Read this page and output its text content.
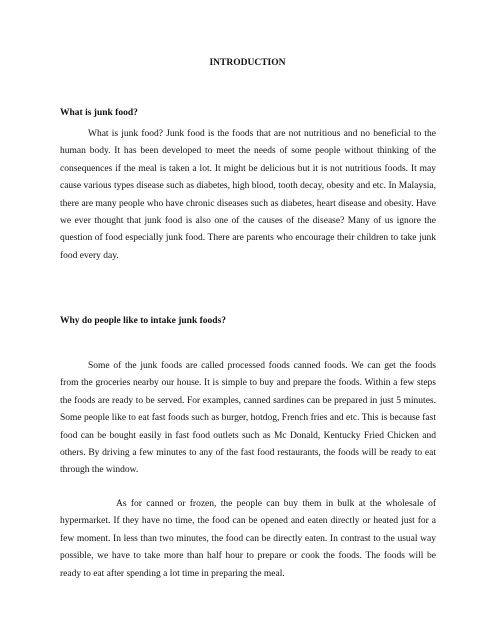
INTRODUCTION
What is junk food?

What is junk food? Junk food is the foods that are not nutritious and no beneficial to the human body. It has been developed to meet the needs of some people without thinking of the consequences if the meal is taken a lot. It might be delicious but it is not nutritious foods. It may cause various types disease such as diabetes, high blood, tooth decay, obesity and etc. In Malaysia, there are many people who have chronic diseases such as diabetes, heart disease and obesity. Have we ever thought that junk food is also one of the causes of the disease? Many of us ignore the question of food especially junk food. There are parents who encourage their children to take junk food every day.

Why do people like to intake junk foods?

Some of the junk foods are called processed foods canned foods. We can get the foods from the groceries nearby our house. It is simple to buy and prepare the foods. Within a few steps the foods are ready to be served. For examples, canned sardines can be prepared in just 5 minutes. Some people like to eat fast foods such as burger, hotdog, French fries and etc. This is because fast food can be bought easily in fast food outlets such as Mc Donald, Kentucky Fried Chicken and others. By driving a few minutes to any of the fast food restaurants, the foods will be ready to eat through the window.

As for canned or frozen, the people can buy them in bulk at the wholesale of hypermarket. If they have no time, the food can be opened and eaten directly or heated just for a few moment. In less than two minutes, the food can be directly eaten. In contrast to the usual way possible, we have to take more than half hour to prepare or cook the foods. The foods will be ready to eat after spending a lot time in preparing the meal.
